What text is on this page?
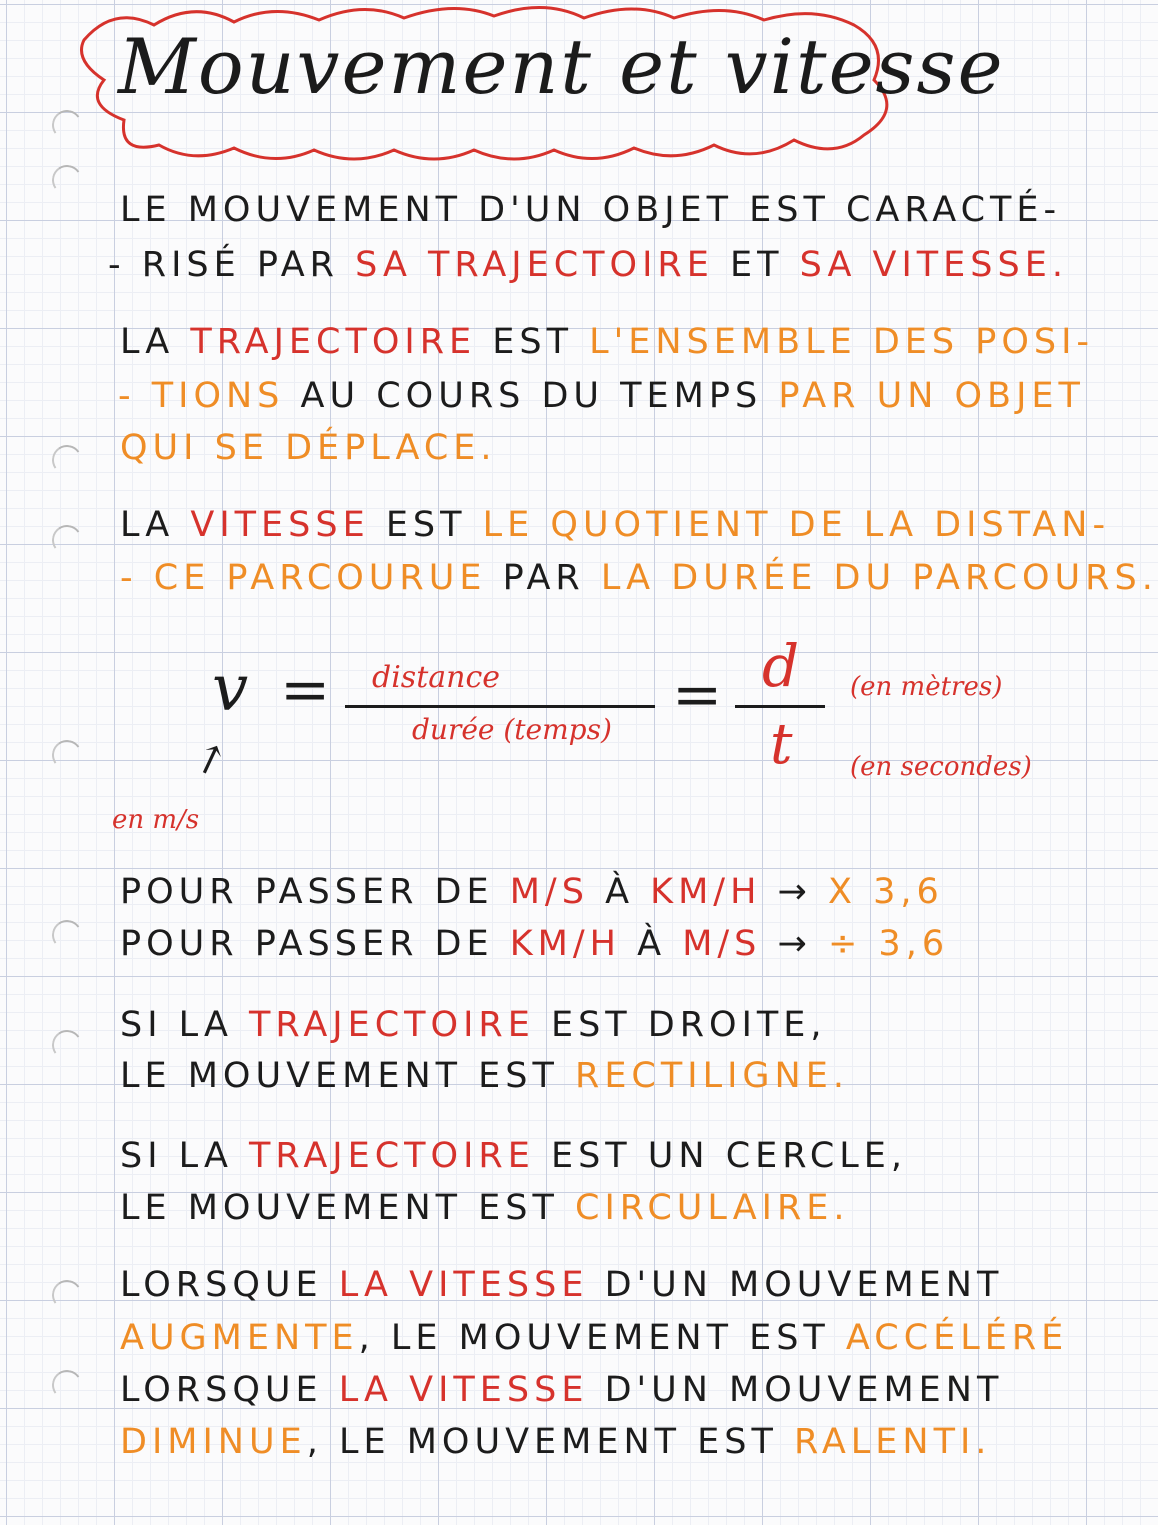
Mouvement et vitesse
LE MOUVEMENT D'UN OBJET EST CARACTÉ-
- RISÉ PAR SA TRAJECTOIRE ET SA VITESSE.
LA TRAJECTOIRE EST L'ENSEMBLE DES POSI-
- TIONS AU COURS DU TEMPS PAR UN OBJET
QUI SE DÉPLACE.
LA VITESSE EST LE QUOTIENT DE LA DISTAN-
- CE PARCOURUE PAR LA DURÉE DU PARCOURS.
v = distance
durée (temps) = d
t
(en mètres)
(en secondes)
↑
en m/s
POUR PASSER DE M/S À KM/H → X 3,6
POUR PASSER DE KM/H À M/S → ÷ 3,6
SI LA TRAJECTOIRE EST DROITE,
LE MOUVEMENT EST RECTILIGNE.
SI LA TRAJECTOIRE EST UN CERCLE,
LE MOUVEMENT EST CIRCULAIRE.
LORSQUE LA VITESSE D'UN MOUVEMENT
AUGMENTE, LE MOUVEMENT EST ACCÉLÉRÉ
LORSQUE LA VITESSE D'UN MOUVEMENT
DIMINUE, LE MOUVEMENT EST RALENTI.
